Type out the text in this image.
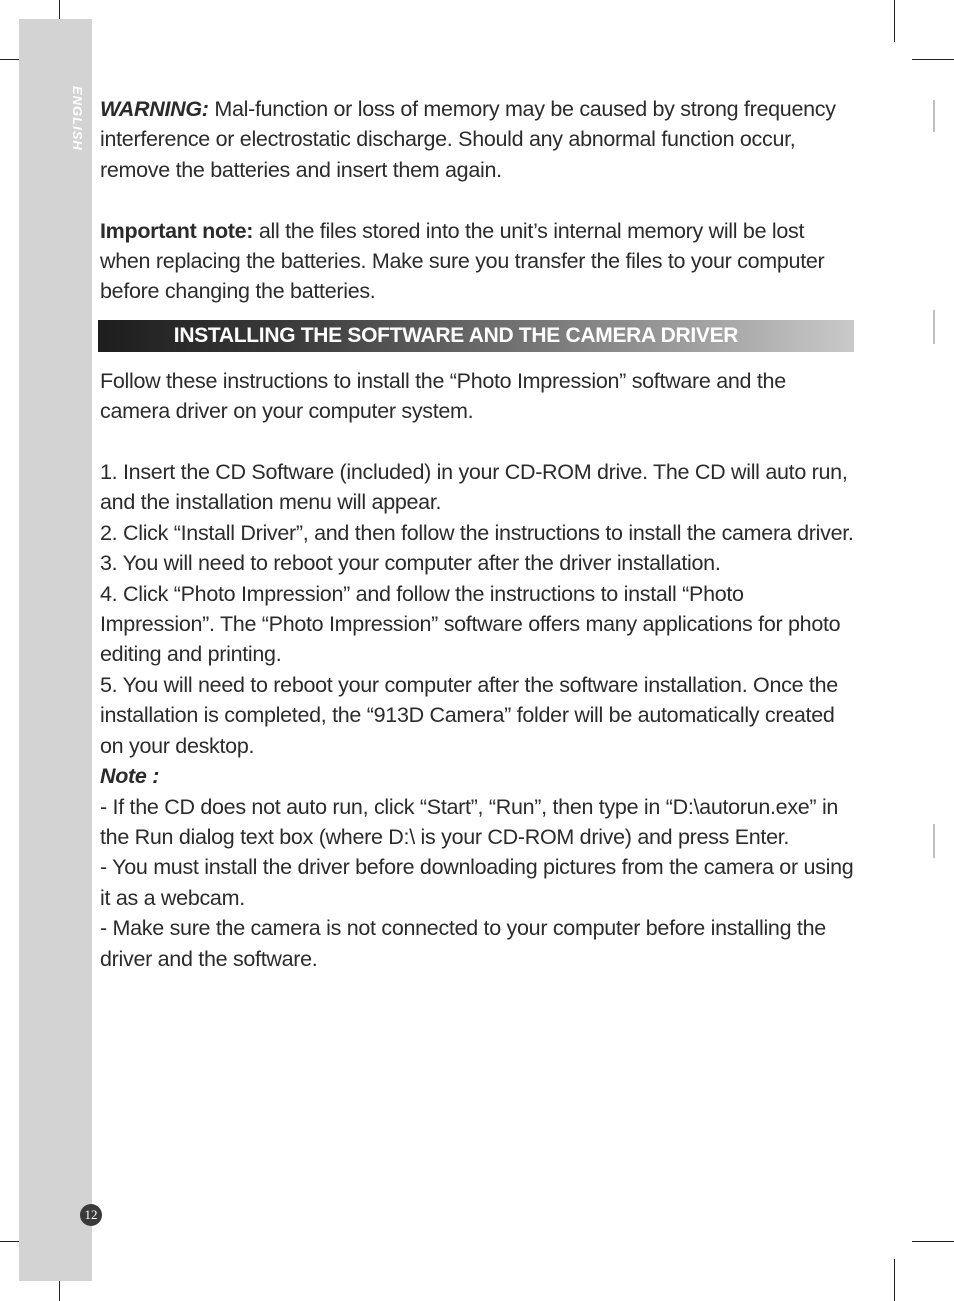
ENGLISH
12

WARNING: Mal-function or loss of memory may be caused by strong frequency interference or electrostatic discharge. Should any abnormal function occur, remove the batteries and insert them again.

Important note: all the files stored into the unit’s internal memory will be lost when replacing the batteries. Make sure you transfer the files to your computer before changing the batteries.

INSTALLING THE SOFTWARE AND THE CAMERA DRIVER

Follow these instructions to install the “Photo Impression” software and the camera driver on your computer system.

1. Insert the CD Software (included) in your CD-ROM drive. The CD will auto run, and the installation menu will appear.

2. Click “Install Driver”, and then follow the instructions to install the camera driver.

3. You will need to reboot your computer after the driver installation.

4. Click “Photo Impression” and follow the instructions to install “Photo Impression”. The “Photo Impression” software offers many applications for photo editing and printing.

5. You will need to reboot your computer after the software installation. Once the installation is completed, the “913D Camera” folder will be automatically created on your desktop.

Note :

- If the CD does not auto run, click “Start”, “Run”, then type in “D:\autorun.exe” in the Run dialog text box (where D:\ is your CD-ROM drive) and press Enter.

- You must install the driver before downloading pictures from the camera or using it as a webcam.

- Make sure the camera is not connected to your computer before installing the driver and the software.
